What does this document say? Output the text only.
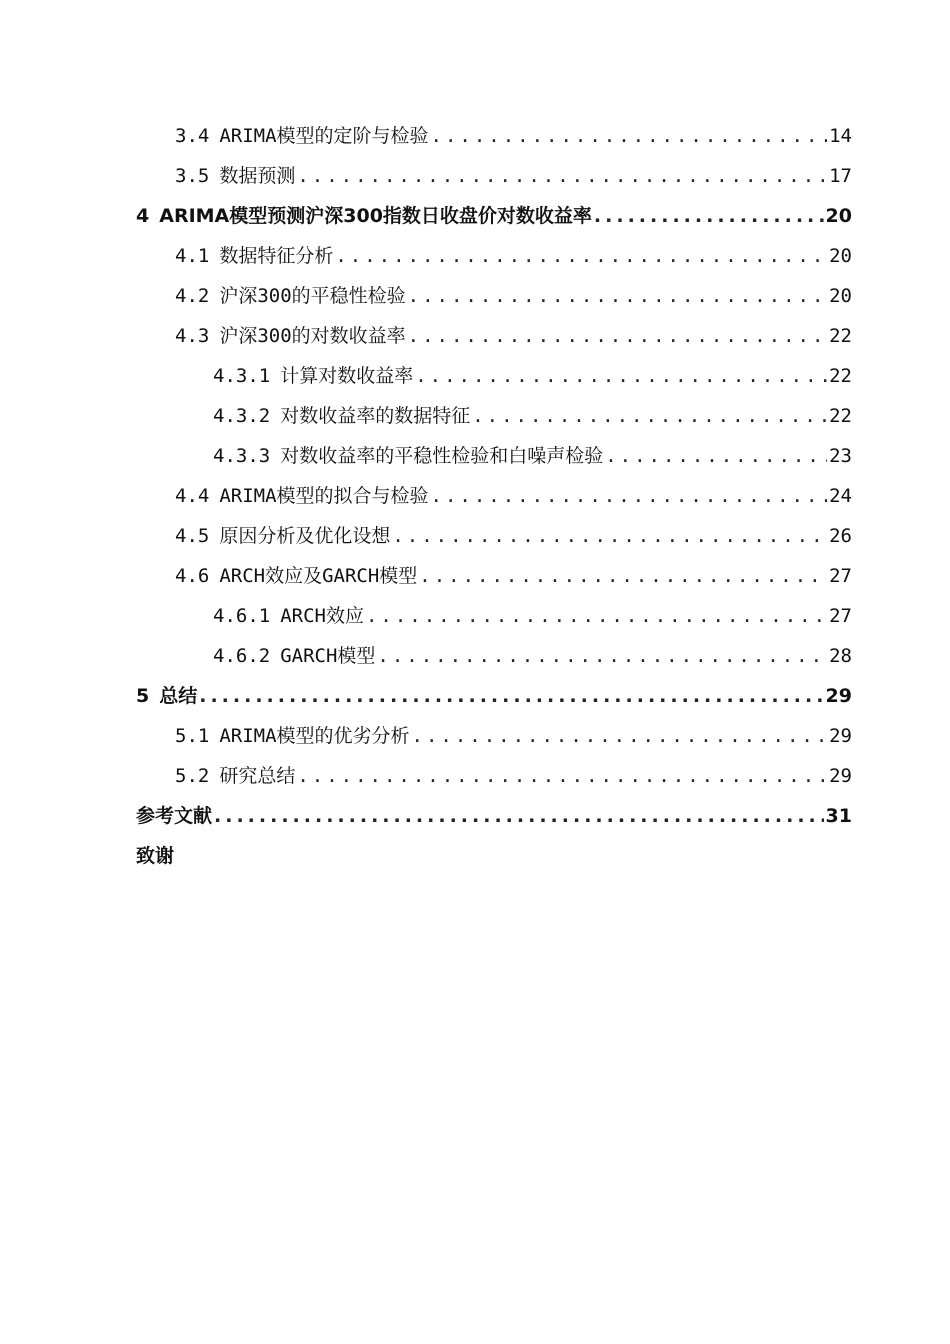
3.4 ARIMA模型的定阶与检验 .....	14
3.5 数据预测 .....	17
4 ARIMA模型预测沪深300指数日收盘价对数收益率 .....	20
4.1 数据特征分析 .....	20
4.2 沪深300的平稳性检验 .....	20
4.3 沪深300的对数收益率 .....	22
4.3.1 计算对数收益率 .....	22
4.3.2 对数收益率的数据特征 .....	22
4.3.3 对数收益率的平稳性检验和白噪声检验 .....	23
4.4 ARIMA模型的拟合与检验 .....	24
4.5 原因分析及优化设想 .....	26
4.6 ARCH效应及GARCH模型 .....	27
4.6.1 ARCH效应 .....	27
4.6.2 GARCH模型 .....	28
5 总结 .....	29
5.1 ARIMA模型的优劣分析 .....	29
5.2 研究总结 .....	29
参考文献 .....	31
致谢
